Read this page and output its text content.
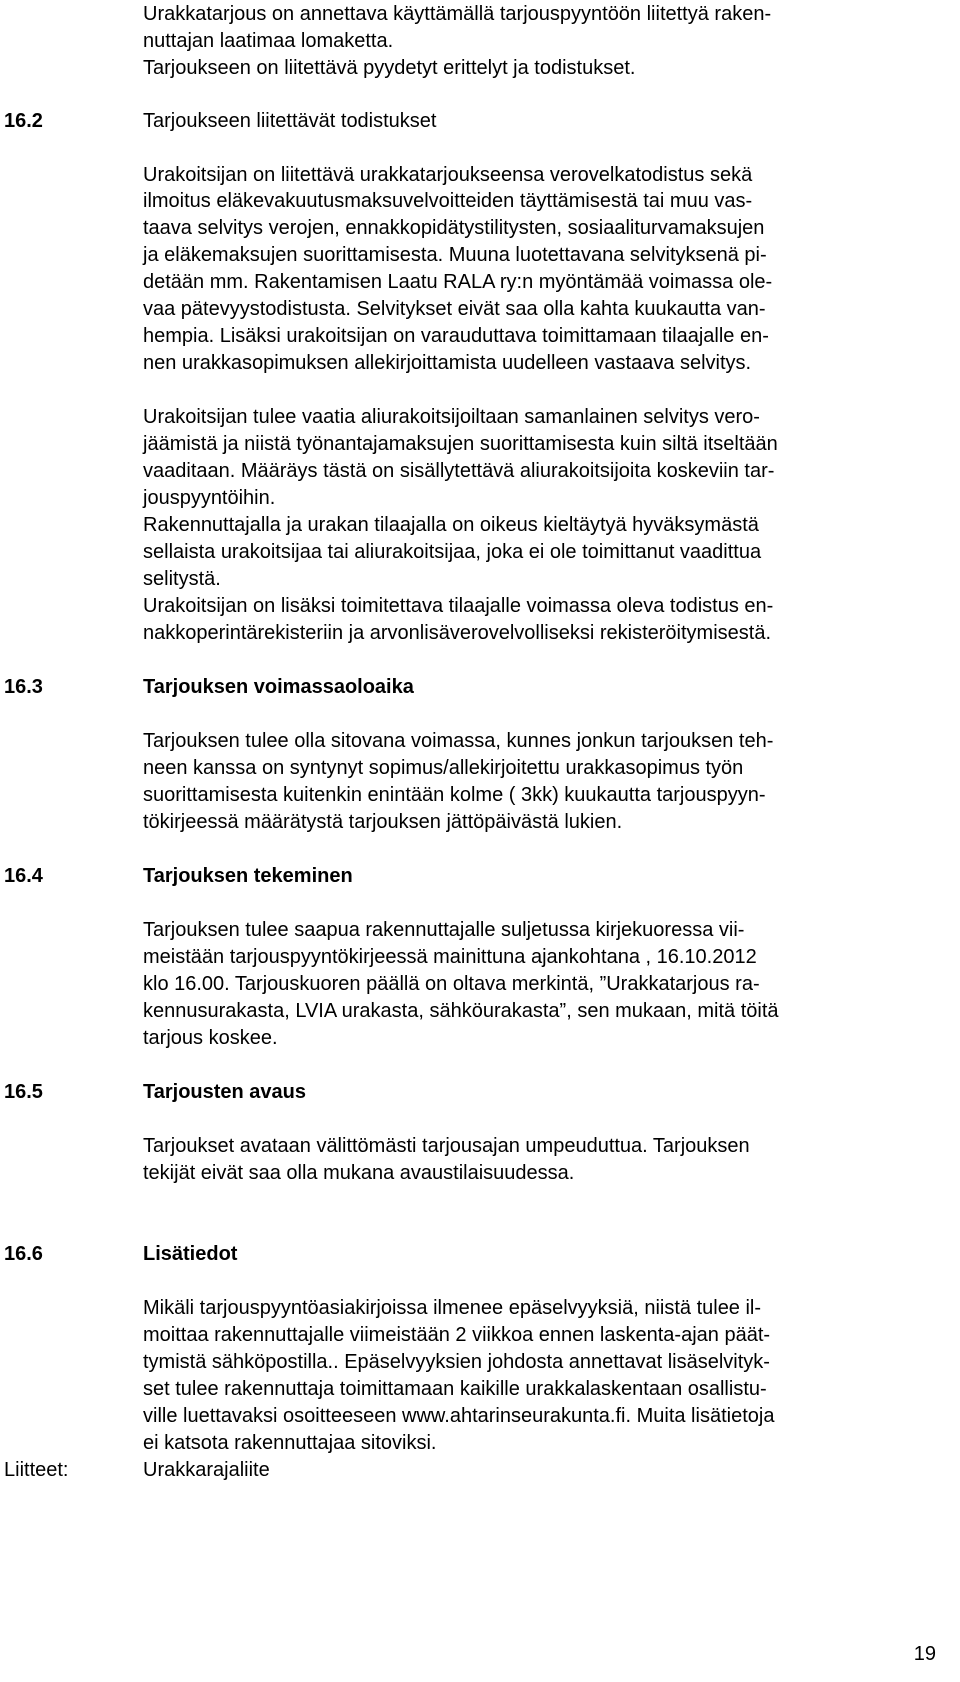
Urakkatarjous on annettava käyttämällä tarjouspyyntöön liitettyä raken-

nuttajan laatimaa lomaketta.

Tarjoukseen on liitettävä pyydetyt erittelyt ja todistukset.

16.2	Tarjoukseen liitettävät todistukset

Urakoitsijan on liitettävä urakkatarjoukseensa verovelkatodistus sekä

ilmoitus eläkevakuutusmaksuvelvoitteiden täyttämisestä tai muu vas-

taava selvitys verojen, ennakkopidätystilitysten, sosiaaliturvamaksujen

ja eläkemaksujen suorittamisesta. Muuna luotettavana selvityksenä pi-

detään mm. Rakentamisen Laatu RALA ry:n myöntämää voimassa ole-

vaa pätevyystodistusta. Selvitykset eivät saa olla kahta kuukautta van-

hempia. Lisäksi urakoitsijan on varauduttava toimittamaan tilaajalle en-

nen urakkasopimuksen allekirjoittamista uudelleen vastaava selvitys.

Urakoitsijan tulee vaatia aliurakoitsijoiltaan samanlainen selvitys vero-

jäämistä ja niistä työnantajamaksujen suorittamisesta kuin siltä itseltään

vaaditaan. Määräys tästä on sisällytettävä aliurakoitsijoita koskeviin tar-

jouspyyntöihin.

Rakennuttajalla ja urakan tilaajalla on oikeus kieltäytyä hyväksymästä

sellaista urakoitsijaa tai aliurakoitsijaa, joka ei ole toimittanut vaadittua

selitystä.

Urakoitsijan on lisäksi toimitettava tilaajalle voimassa oleva todistus en-

nakkoperintärekisteriin ja arvonlisäverovelvolliseksi rekisteröitymisestä.

16.3	Tarjouksen voimassaoloaika

Tarjouksen tulee olla sitovana voimassa, kunnes jonkun tarjouksen teh-

neen kanssa on syntynyt sopimus/allekirjoitettu urakkasopimus työn

suorittamisesta kuitenkin enintään kolme ( 3kk) kuukautta tarjouspyyn-

tökirjeessä määrätystä tarjouksen jättöpäivästä lukien.

16.4	Tarjouksen tekeminen

Tarjouksen tulee saapua rakennuttajalle suljetussa kirjekuoressa vii-

meistään tarjouspyyntökirjeessä mainittuna ajankohtana , 16.10.2012

klo 16.00. Tarjouskuoren päällä on oltava merkintä, ”Urakkatarjous ra-

kennusurakasta, LVIA urakasta, sähköurakasta”, sen mukaan, mitä töitä

tarjous koskee.

16.5	Tarjousten avaus

Tarjoukset avataan välittömästi tarjousajan umpeuduttua. Tarjouksen

tekijät eivät saa olla mukana avaustilaisuudessa.

16.6	Lisätiedot

Mikäli tarjouspyyntöasiakirjoissa ilmenee epäselvyyksiä, niistä tulee il-

moittaa rakennuttajalle viimeistään 2 viikkoa ennen laskenta-ajan päät-

tymistä sähköpostilla.. Epäselvyyksien johdosta annettavat lisäselvityk-

set tulee rakennuttaja toimittamaan kaikille urakkalaskentaan osallistu-

ville luettavaksi osoitteeseen www.ahtarinseurakunta.fi. Muita lisätietoja

ei katsota rakennuttajaa sitoviksi.

Liitteet:	Urakkarajaliite

19
